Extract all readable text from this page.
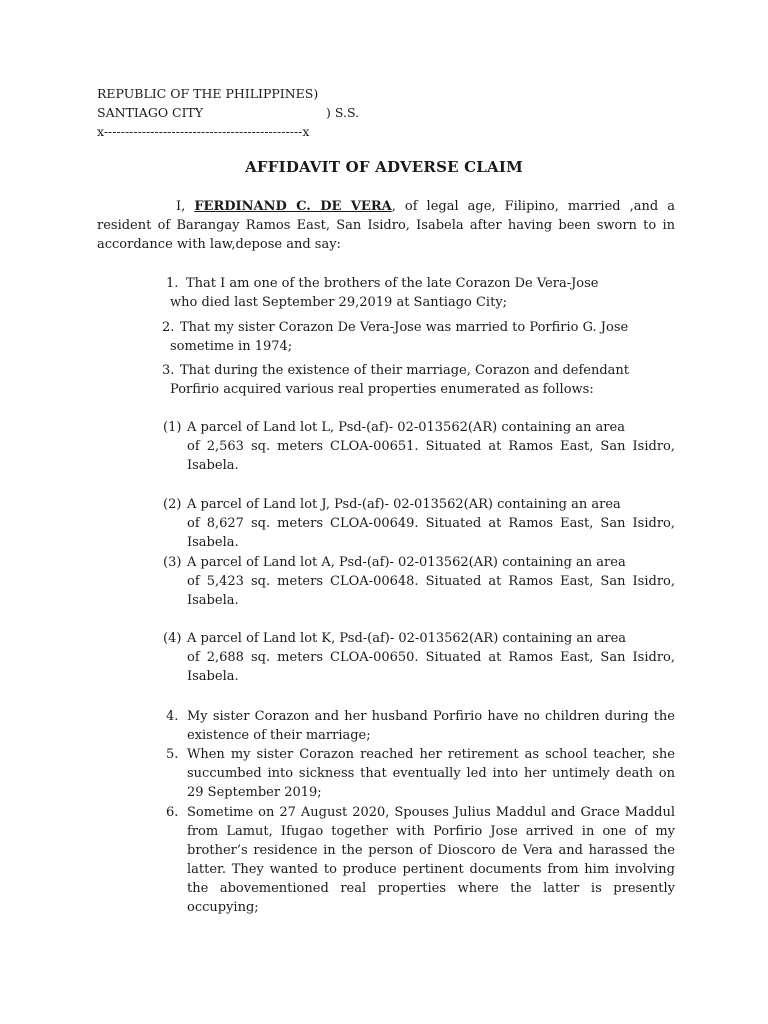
REPUBLIC OF THE PHILIPPINES)
SANTIAGO CITY	) S.S.
x-----------------------------------------------x
AFFIDAVIT OF ADVERSE CLAIM
I, FERDINAND C. DE VERA, of legal age, Filipino, married ,and a resident of Barangay Ramos East, San Isidro, Isabela after having been sworn to in accordance with law,depose and say:
1. That I am one of the brothers of the late Corazon De Vera-Jose
who died last September 29,2019 at Santiago City;
2. That my sister Corazon De Vera-Jose was married to Porfirio G. Jose
sometime in 1974;
3. That during the existence of their marriage, Corazon and defendant
Porfirio acquired various real properties enumerated as follows:
(1) A parcel of Land lot L, Psd-(af)- 02-013562(AR) containing an area
of 2,563 sq. meters CLOA-00651. Situated at Ramos East, San Isidro, Isabela.
(2) A parcel of Land lot J, Psd-(af)- 02-013562(AR) containing an area
of 8,627 sq. meters CLOA-00649. Situated at Ramos East, San Isidro, Isabela.
(3) A parcel of Land lot A, Psd-(af)- 02-013562(AR) containing an area
of 5,423 sq. meters CLOA-00648. Situated at Ramos East, San Isidro, Isabela.
(4) A parcel of Land lot K, Psd-(af)- 02-013562(AR) containing an area
of 2,688 sq. meters CLOA-00650. Situated at Ramos East, San Isidro, Isabela.
4. My sister Corazon and her husband Porfirio have no children during the existence of their marriage;
5. When my sister Corazon reached her retirement as school teacher, she succumbed into sickness that eventually led into her untimely death on 29 September 2019;
6. Sometime on 27 August 2020, Spouses Julius Maddul and Grace Maddul from Lamut, Ifugao together with Porfirio Jose arrived in one of my brother’s residence in the person of Dioscoro de Vera and harassed the latter. They wanted to produce pertinent documents from him involving the abovementioned real properties where the latter is presently occupying;
